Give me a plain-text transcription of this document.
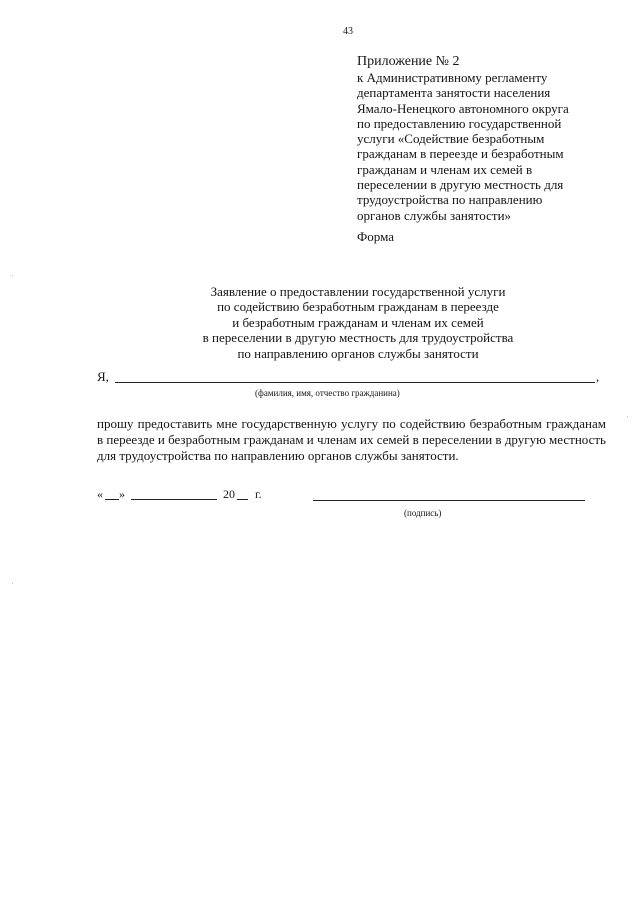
43
Приложение № 2
к Административному регламенту
департамента занятости населения
Ямало-Ненецкого автономного округа
по предоставлению государственной
услуги «Содействие безработным
гражданам в переезде и безработным
гражданам и членам их семей в
переселении в другую местность для
трудоустройства по направлению
органов службы занятости»
Форма
Заявление о предоставлении государственной услуги
по содействию безработным гражданам в переезде
и безработным гражданам и членам их семей
в переселении в другую местность для трудоустройства
по направлению органов службы занятости
Я,	,
(фамилия, имя, отчество гражданина)
прошу предоставить мне государственную услугу по содействию безработным гражданам в переезде и безработным гражданам и членам их семей в переселении в другую местность для трудоустройства по направлению органов службы занятости.
« »	20 г.
(подпись)
